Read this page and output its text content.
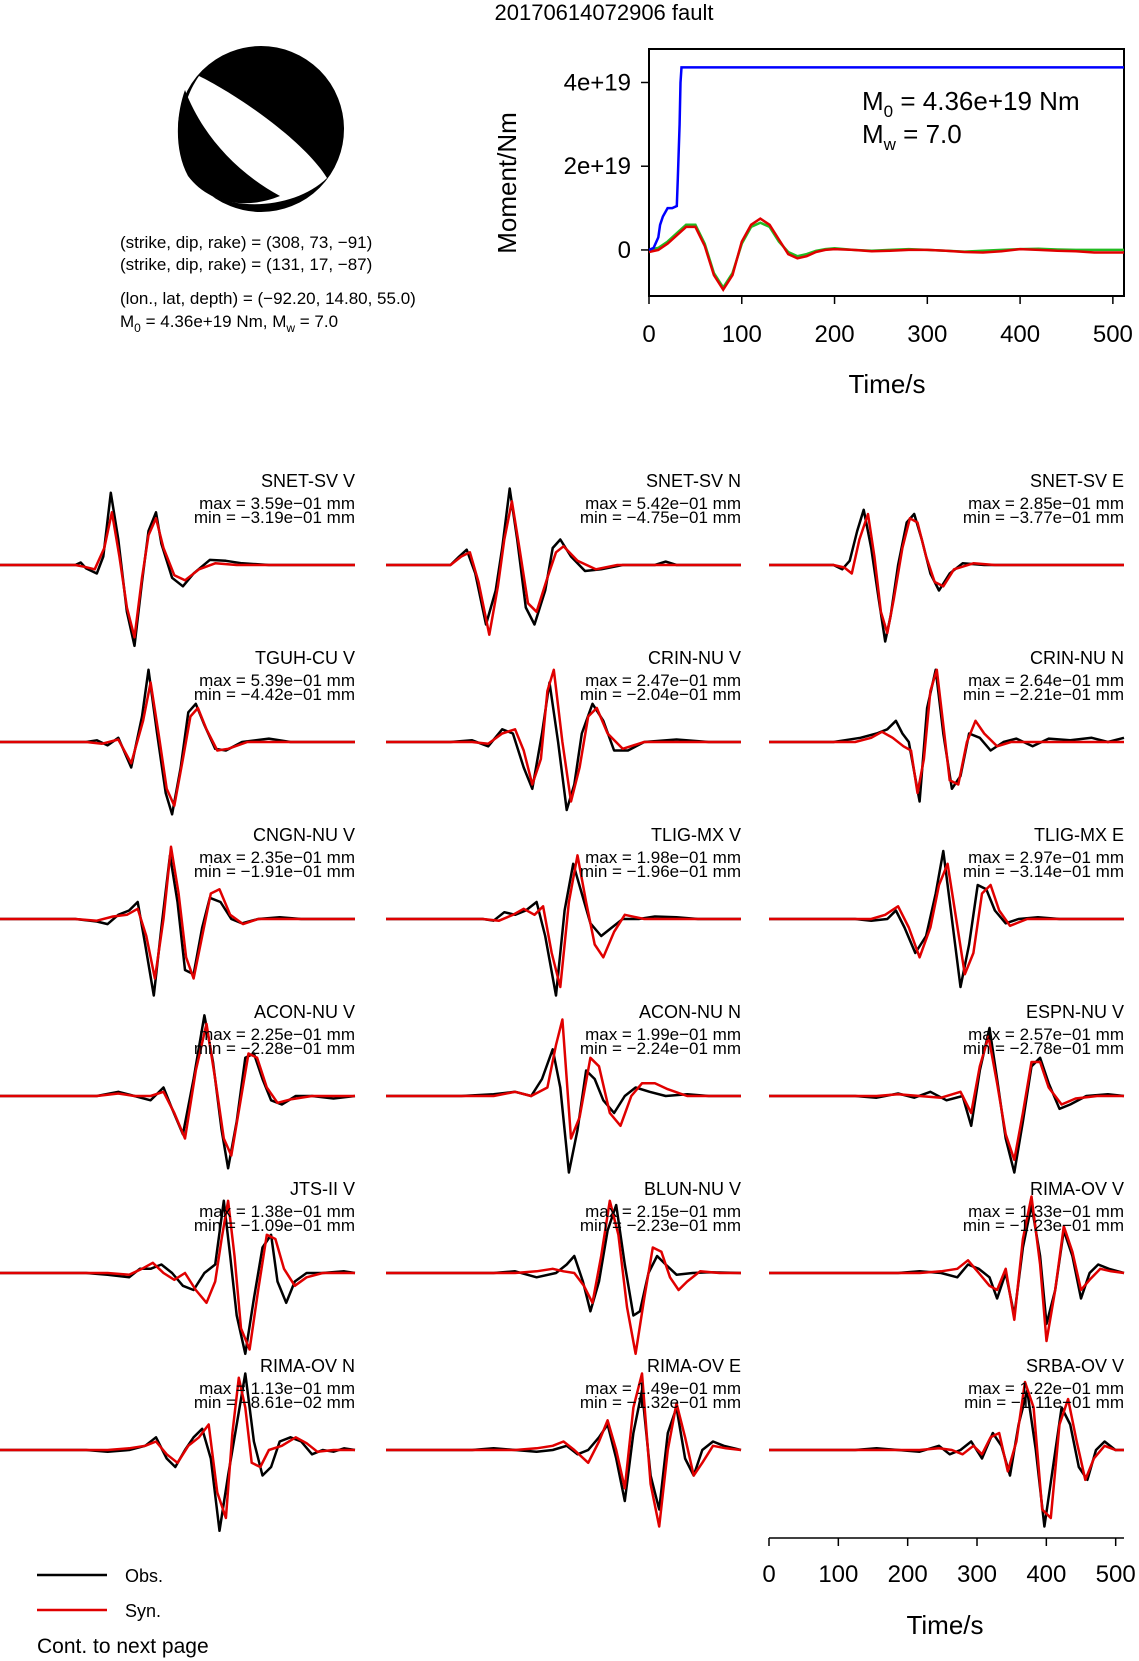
20170614072906 fault
(strike, dip, rake) = (308, 73, −91)
(strike, dip, rake) = (131, 17, −87)
(lon., lat, depth) = (−92.20, 14.80, 55.0)
$M_0 = 4.36e+19$ Nm, $M_w = 7.0$	0	100 200 300 400 500
0
2e+19
4e+19
Moment/Nm
Time/s
$M_0 = 4.36e+19$ Nm
$M_w = 7.0$
SNET-SV V
max = 3.59e−01 mm
min = −3.19e−01 mm
SNET-SV N
max = 5.42e−01 mm
min = −4.75e−01 mm
SNET-SV E
max = 2.85e−01 mm
min = −3.77e−01 mm
TGUH-CU V
max = 5.39e−01 mm
min = −4.42e−01 mm
CRIN-NU V
max = 2.47e−01 mm
min = −2.04e−01 mm
CRIN-NU N
max = 2.64e−01 mm
min = −2.21e−01 mm
CNGN-NU V
max = 2.35e−01 mm
min = −1.91e−01 mm
TLIG-MX V
max = 1.98e−01 mm
min = −1.96e−01 mm
TLIG-MX E
max = 2.97e−01 mm
min = −3.14e−01 mm
ACON-NU V
max = 2.25e−01 mm
min = −2.28e−01 mm
ACON-NU N
max = 1.99e−01 mm
min = −2.24e−01 mm
ESPN-NU V
max = 2.57e−01 mm
min = −2.78e−01 mm
JTS-II V
max = 1.38e−01 mm
min = −1.09e−01 mm
BLUN-NU V
max = 2.15e−01 mm
min = −2.23e−01 mm
RIMA-OV V
max = 1.33e−01 mm
min = −1.23e−01 mm
RIMA-OV N
max = 1.13e−01 mm
min = −8.61e−02 mm
RIMA-OV E
max = 1.49e−01 mm
min = −1.32e−01 mm
SRBA-OV V
max = 1.22e−01 mm
min = −1.11e−01 mm
Time/s
0 100 200 300 400 500
Obs.
Syn.
Cont. to next page
